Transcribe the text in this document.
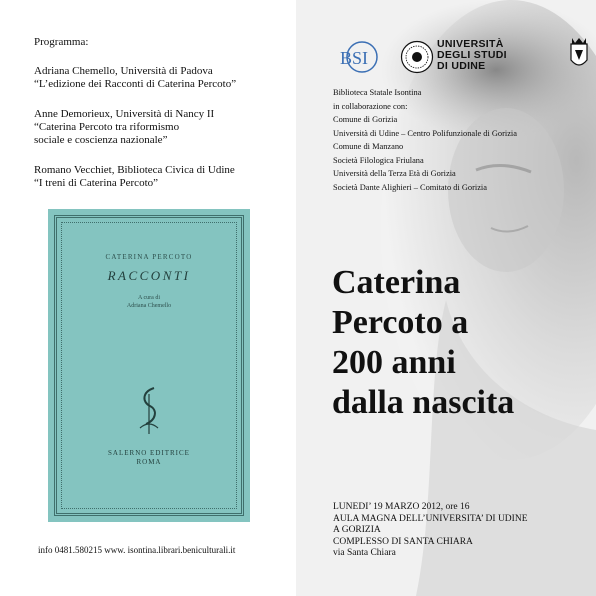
Programma:
Adriana Chemello, Università di Padova
“L’edizione dei Racconti di Caterina Percoto”
Anne Demorieux, Università di Nancy II
“Caterina Percoto tra riformismo
sociale e coscienza nazionale”
Romano Vecchiet, Biblioteca Civica di Udine
“I treni di Caterina Percoto”
CATERINA PERCOTO
RACCONTI
A cura di
Adriana Chemello
SALERNO EDITRICE
ROMA
info 0481.580215 www. isontina.librari.beniculturali.it
BSI
UNIVERSITÀ
DEGLI STUDI
DI UDINE
Biblioteca Statale Isontina
in collaborazione con:
Comune di Gorizia
Università di Udine – Centro Polifunzionale di Gorizia
Comune di Manzano
Società Filologica Friulana
Università della Terza Età di Gorizia
Società Dante Alighieri – Comitato di Gorizia
Caterina
Percoto a
200 anni
dalla nascita
LUNEDI’ 19 MARZO 2012, ore 16
AULA MAGNA DELL’UNIVERSITA’ DI UDINE
A GORIZIA
COMPLESSO DI SANTA CHIARA
via Santa Chiara
